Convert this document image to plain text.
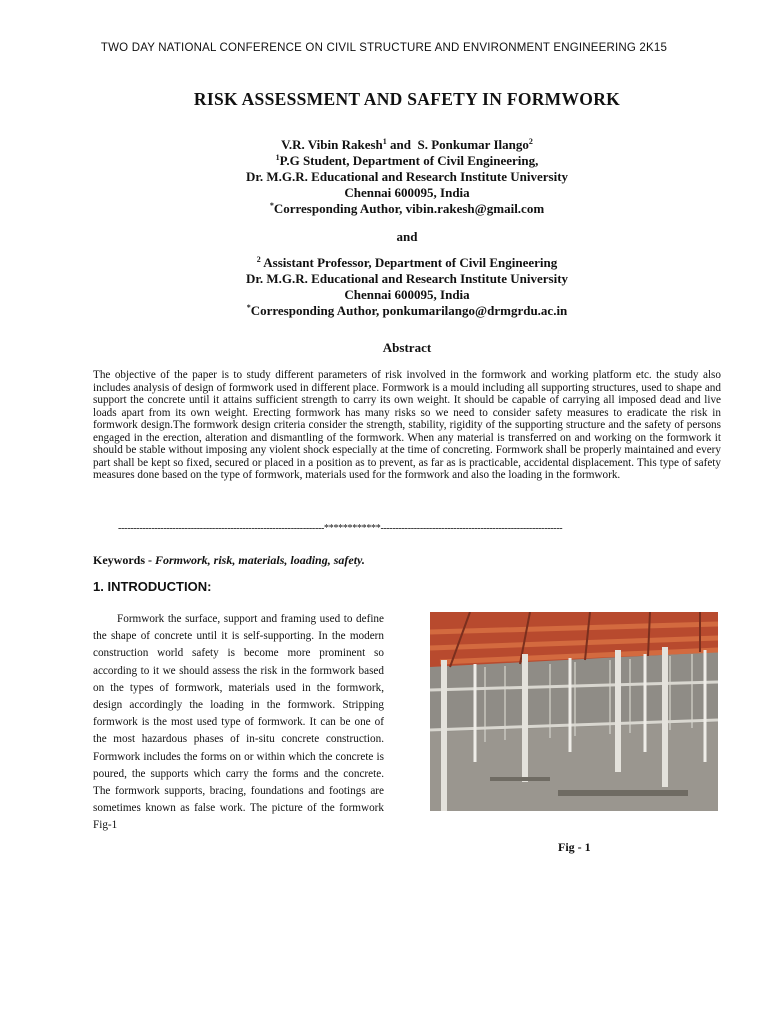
TWO DAY NATIONAL CONFERENCE ON CIVIL STRUCTURE AND ENVIRONMENT ENGINEERING 2K15
RISK ASSESSMENT AND SAFETY IN FORMWORK
V.R. Vibin Rakesh$^1$ and  S. Ponkumar Ilango$^2$
$^1$P.G Student, Department of Civil Engineering,
Dr. M.G.R. Educational and Research Institute University
Chennai 600095, India
*Corresponding Author, vibin.rakesh@gmail.com
and
$^2$ Assistant Professor, Department of Civil Engineering
Dr. M.G.R. Educational and Research Institute University
Chennai 600095, India
*Corresponding Author, ponkumarilango@drmgrdu.ac.in
Abstract
The objective of the paper is to study different parameters of risk involved in the formwork and working platform etc. the study also includes analysis of design of formwork used in different place. Formwork is a mould including all supporting structures, used to shape and support the concrete until it attains sufficient strength to carry its own weight. It should be capable of carrying all imposed dead and live loads apart from its own weight. Erecting formwork has many risks so we need to consider safety measures to eradicate the risk in formwork design.The formwork design criteria consider the strength, stability, rigidity of the supporting structure and the safety of persons engaged in the erection, alteration and dismantling of the formwork. When any material is transferred on and working on the formwork it should be stable without imposing any violent shock especially at the time of concreting. Formwork shall be properly maintained and every part shall be kept so fixed, secured or placed in a position as to prevent, as far as is practicable, accidental displacement. This type of safety measures done based on the type of formwork, materials used for the formwork and also the loading in the formwork.
--------------------------------------------------------------------************------------------------------------------------------------
Keywords - Formwork, risk, materials, loading, safety.
1. INTRODUCTION:

Formwork the surface, support and framing used to define the shape of concrete until it is self-supporting. In the modern construction world safety is become more prominent so according to it we should assess the risk in the formwork based on the types of formwork, materials used in the formwork, design accordingly the loading in the formwork. Stripping formwork is the most used type of formwork. It can be one of the most hazardous phases of in-situ concrete construction. Formwork includes the forms on or within which the concrete is poured, the supports which carry the forms and the concrete. The formwork supports, bracing, foundations and footings are sometimes known as false work. The picture of the formwork Fig-1

Fig - 1
